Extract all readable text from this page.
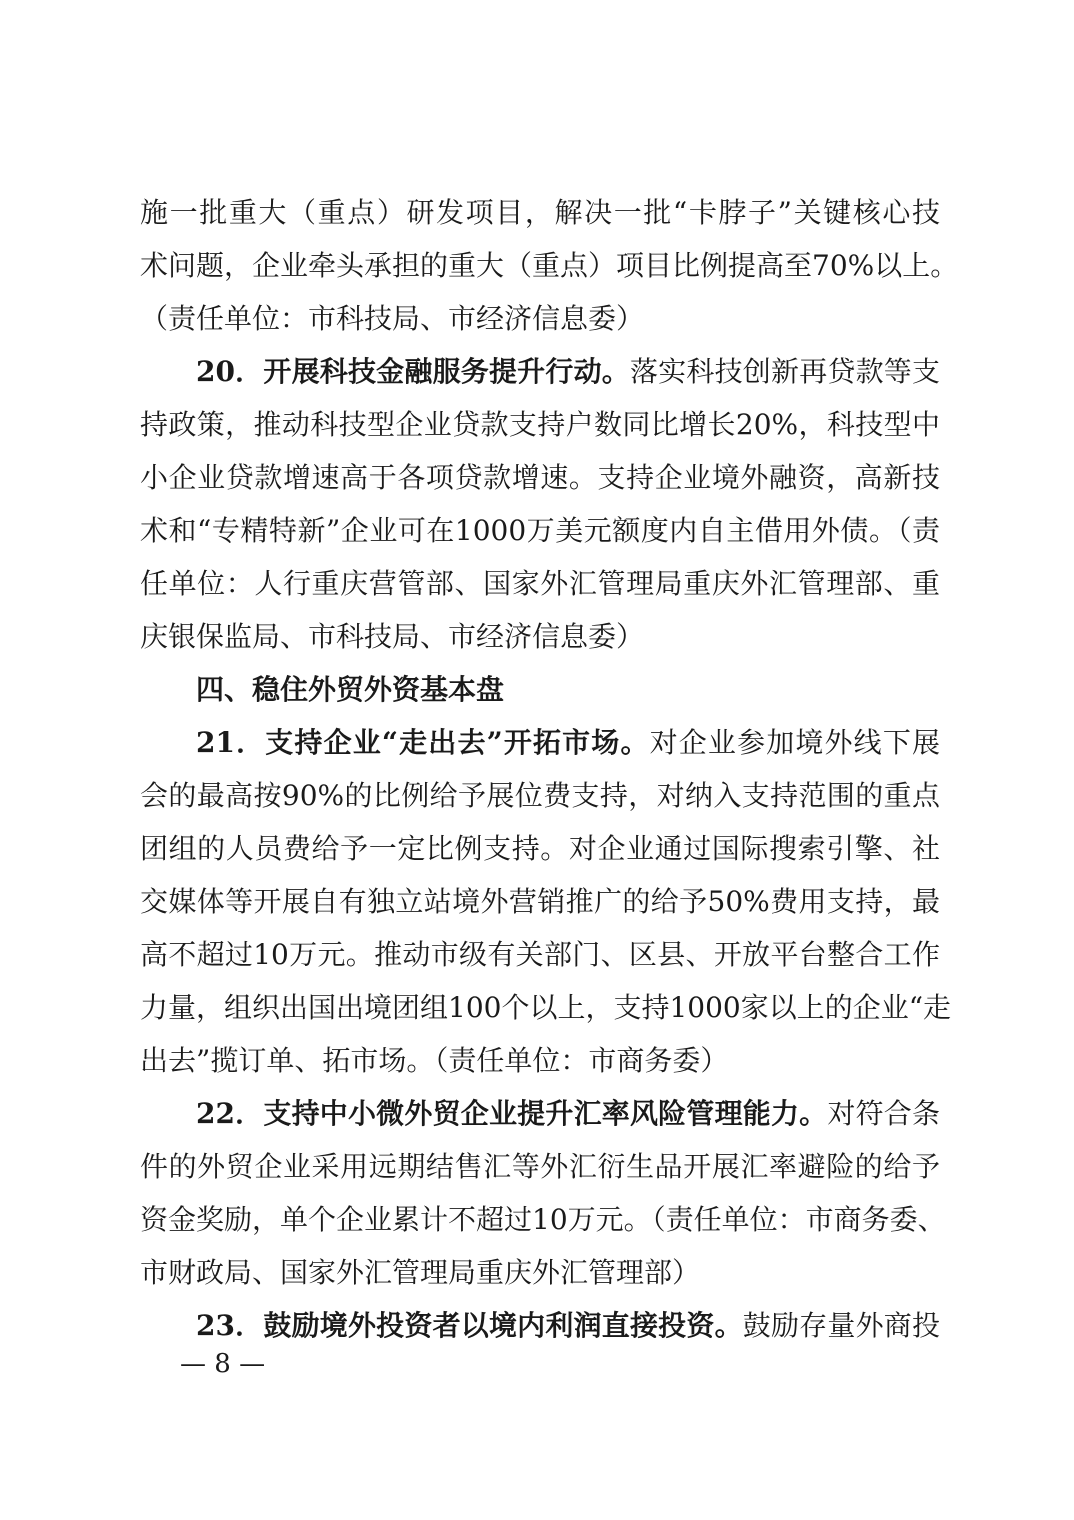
施一批重大（重点）研发项目，解决一批“卡脖子”关键核心技
术问题，企业牵头承担的重大（重点）项目比例提高至70%以上。
（责任单位：市科技局、市经济信息委）
20．开展科技金融服务提升行动。落实科技创新再贷款等支
持政策，推动科技型企业贷款支持户数同比增长20%，科技型中
小企业贷款增速高于各项贷款增速。支持企业境外融资，高新技
术和“专精特新”企业可在1000万美元额度内自主借用外债。（责
任单位：人行重庆营管部、国家外汇管理局重庆外汇管理部、重
庆银保监局、市科技局、市经济信息委）
四、稳住外贸外资基本盘
21．支持企业“走出去”开拓市场。对企业参加境外线下展
会的最高按90%的比例给予展位费支持，对纳入支持范围的重点
团组的人员费给予一定比例支持。对企业通过国际搜索引擎、社
交媒体等开展自有独立站境外营销推广的给予50%费用支持，最
高不超过10万元。推动市级有关部门、区县、开放平台整合工作
力量，组织出国出境团组100个以上，支持1000家以上的企业“走
出去”揽订单、拓市场。（责任单位：市商务委）
22．支持中小微外贸企业提升汇率风险管理能力。对符合条
件的外贸企业采用远期结售汇等外汇衍生品开展汇率避险的给予
资金奖励，单个企业累计不超过10万元。（责任单位：市商务委、
市财政局、国家外汇管理局重庆外汇管理部）
23．鼓励境外投资者以境内利润直接投资。鼓励存量外商投
— 8 —
